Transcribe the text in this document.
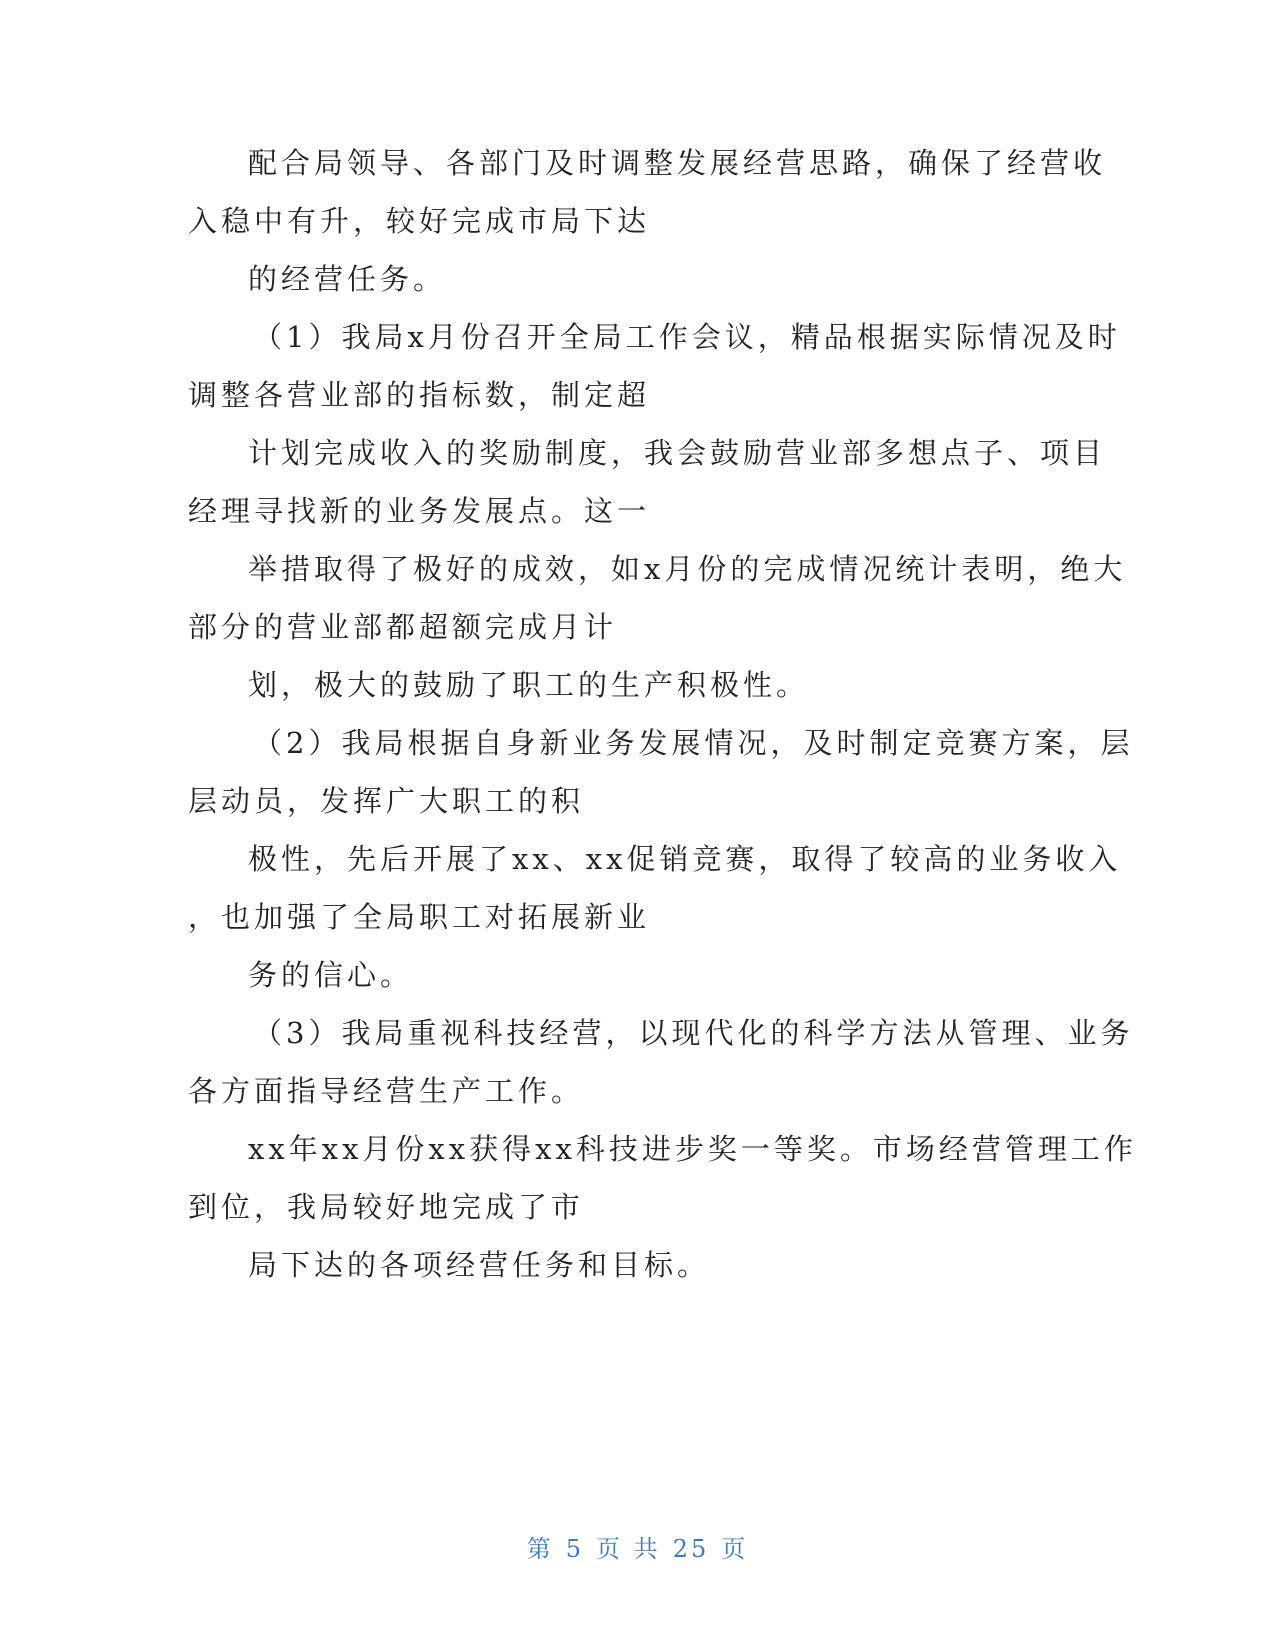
配合局领导、各部门及时调整发展经营思路，确保了经营收
入稳中有升，较好完成市局下达
的经营任务。
（1）我局x月份召开全局工作会议，精品根据实际情况及时
调整各营业部的指标数，制定超
计划完成收入的奖励制度，我会鼓励营业部多想点子、项目
经理寻找新的业务发展点。这一
举措取得了极好的成效，如x月份的完成情况统计表明，绝大
部分的营业部都超额完成月计
划，极大的鼓励了职工的生产积极性。
（2）我局根据自身新业务发展情况，及时制定竞赛方案，层
层动员，发挥广大职工的积
极性，先后开展了xx、xx促销竞赛，取得了较高的业务收入
，也加强了全局职工对拓展新业
务的信心。
（3）我局重视科技经营，以现代化的科学方法从管理、业务
各方面指导经营生产工作。
xx年xx月份xx获得xx科技进步奖一等奖。市场经营管理工作
到位，我局较好地完成了市
局下达的各项经营任务和目标。
第 5 页 共 25 页
